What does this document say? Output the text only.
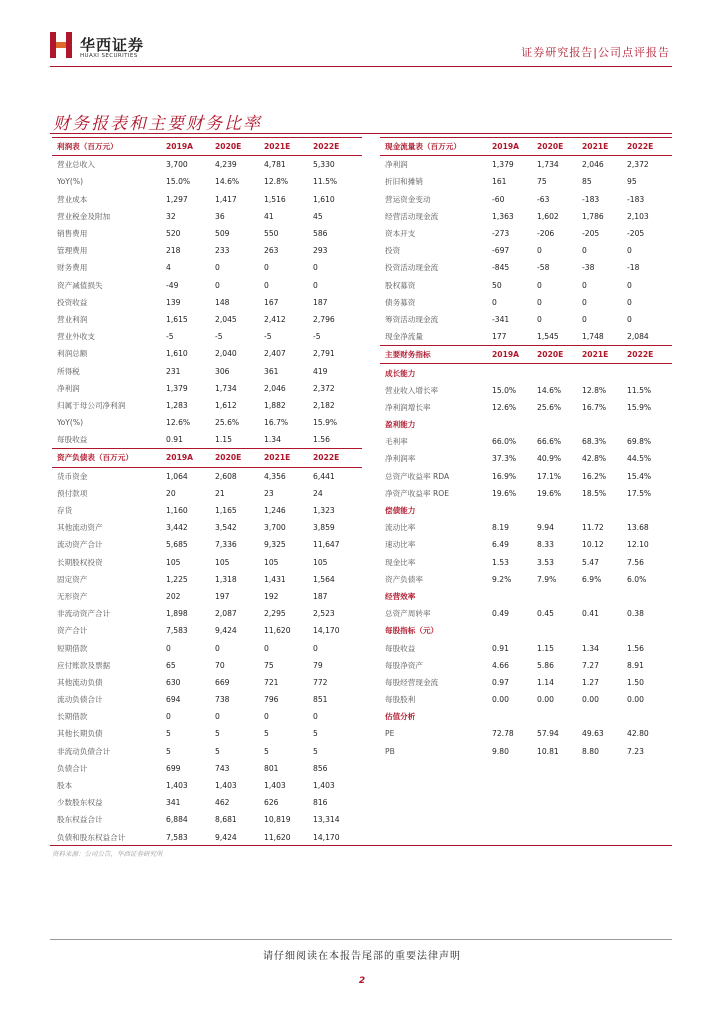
华西证券
HUAXI SECURITIES	证券研究报告|公司点评报告
财务报表和主要财务比率
利润表（百万元）	2019A	2020E	2021E	2022E
营业总收入	3,700	4,239	4,781	5,330
YoY(%)	15.0%	14.6%	12.8%	11.5%
营业成本	1,297	1,417	1,516	1,610
营业税金及附加	32	36	41	45
销售费用	520	509	550	586
管理费用	218	233	263	293
财务费用	4	0	0	0
资产减值损失	-49	0	0	0
投资收益	139	148	167	187
营业利润	1,615	2,045	2,412	2,796
营业外收支	-5	-5	-5	-5
利润总额	1,610	2,040	2,407	2,791
所得税	231	306	361	419
净利润	1,379	1,734	2,046	2,372
归属于母公司净利润	1,283	1,612	1,882	2,182
YoY(%)	12.6%	25.6%	16.7%	15.9%
每股收益	0.91	1.15	1.34	1.56
资产负债表（百万元）	2019A	2020E	2021E	2022E
货币资金	1,064	2,608	4,356	6,441
预付款项	20	21	23	24
存货	1,160	1,165	1,246	1,323
其他流动资产	3,442	3,542	3,700	3,859
流动资产合计	5,685	7,336	9,325	11,647
长期股权投资	105	105	105	105
固定资产	1,225	1,318	1,431	1,564
无形资产	202	197	192	187
非流动资产合计	1,898	2,087	2,295	2,523
资产合计	7,583	9,424	11,620	14,170
短期借款	0	0	0	0
应付账款及票据	65	70	75	79
其他流动负债	630	669	721	772
流动负债合计	694	738	796	851
长期借款	0	0	0	0
其他长期负债	5	5	5	5
非流动负债合计	5	5	5	5
负债合计	699	743	801	856
股本	1,403	1,403	1,403	1,403
少数股东权益	341	462	626	816
股东权益合计	6,884	8,681	10,819	13,314
负债和股东权益合计	7,583	9,424	11,620	14,170
现金流量表（百万元）	2019A	2020E	2021E	2022E
净利润	1,379	1,734	2,046	2,372
折旧和摊销	161	75	85	95
营运资金变动	-60	-63	-183	-183
经营活动现金流	1,363	1,602	1,786	2,103
资本开支	-273	-206	-205	-205
投资	-697	0	0	0
投资活动现金流	-845	-58	-38	-18
股权募资	50	0	0	0
债务募资	0	0	0	0
筹资活动现金流	-341	0	0	0
现金净流量	177	1,545	1,748	2,084
主要财务指标	2019A	2020E	2021E	2022E
成长能力				
营业收入增长率	15.0%	14.6%	12.8%	11.5%
净利润增长率	12.6%	25.6%	16.7%	15.9%
盈利能力				
毛利率	66.0%	66.6%	68.3%	69.8%
净利润率	37.3%	40.9%	42.8%	44.5%
总资产收益率 RDA	16.9%	17.1%	16.2%	15.4%
净资产收益率 ROE	19.6%	19.6%	18.5%	17.5%
偿债能力				
流动比率	8.19	9.94	11.72	13.68
速动比率	6.49	8.33	10.12	12.10
现金比率	1.53	3.53	5.47	7.56
资产负债率	9.2%	7.9%	6.9%	6.0%
经营效率				
总资产周转率	0.49	0.45	0.41	0.38
每股指标（元）				
每股收益	0.91	1.15	1.34	1.56
每股净资产	4.66	5.86	7.27	8.91
每股经营现金流	0.97	1.14	1.27	1.50
每股股利	0.00	0.00	0.00	0.00
估值分析				
PE	72.78	57.94	49.63	42.80
PB	9.80	10.81	8.80	7.23
资料来源：公司公告，华西证券研究所
请仔细阅读在本报告尾部的重要法律声明
2
